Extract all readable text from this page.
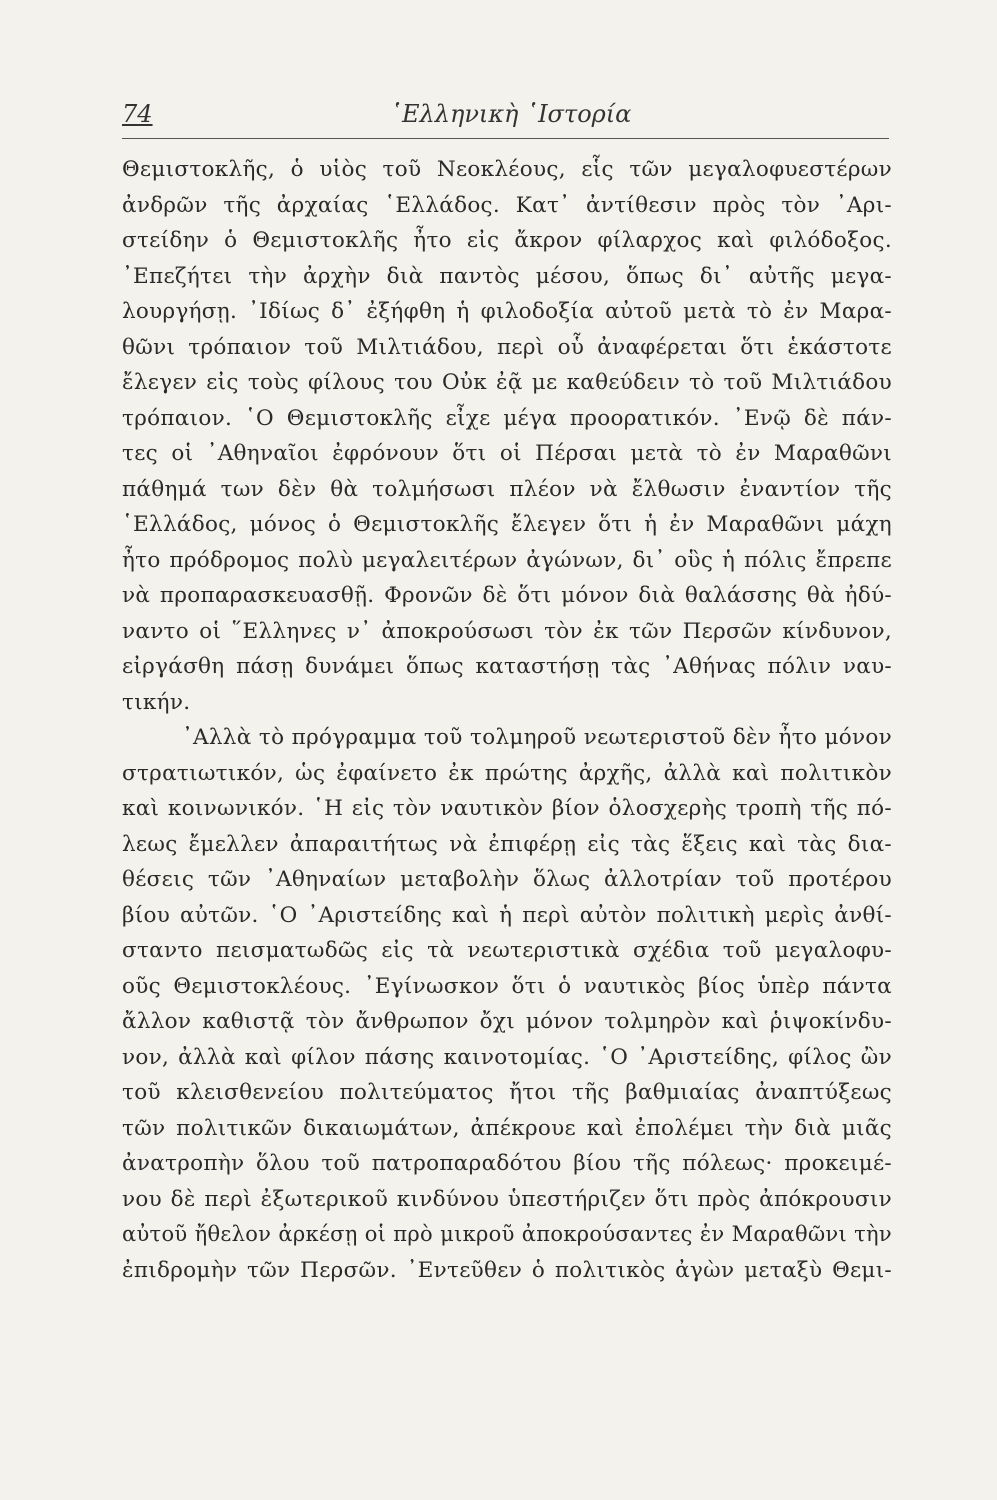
74	῾Ελληνικὴ ῾Ιστορία
Θεμιστοκλῆς, ὁ υἱὸς τοῦ Νεοκλέους, εἷς τῶν μεγαλοφυεστέρων
ἀνδρῶν τῆς ἀρχαίας ῾Ελλάδος. Κατ᾽ ἀντίθεσιν πρὸς τὸν ᾽Αρι-
στείδην ὁ Θεμιστοκλῆς ἦτο εἰς ἄκρον φίλαρχος καὶ φιλόδοξος.
᾽Επεζήτει τὴν ἀρχὴν διὰ παντὸς μέσου, ὅπως δι᾽ αὐτῆς μεγα-
λουργήσῃ. ᾽Ιδίως δ᾽ ἐξήφθη ἡ φιλοδοξία αὐτοῦ μετὰ τὸ ἐν Μαρα-
θῶνι τρόπαιον τοῦ Μιλτιάδου, περὶ οὗ ἀναφέρεται ὅτι ἑκάστοτε
ἔλεγεν εἰς τοὺς φίλους του Οὐκ ἐᾷ με καθεύδειν τὸ τοῦ Μιλτιάδου
τρόπαιον. ῾Ο Θεμιστοκλῆς εἶχε μέγα προορατικόν. ᾽Ενῷ δὲ πάν-
τες οἱ ᾽Αθηναῖοι ἐφρόνουν ὅτι οἱ Πέρσαι μετὰ τὸ ἐν Μαραθῶνι
πάθημά των δὲν θὰ τολμήσωσι πλέον νὰ ἔλθωσιν ἐναντίον τῆς
῾Ελλάδος, μόνος ὁ Θεμιστοκλῆς ἔλεγεν ὅτι ἡ ἐν Μαραθῶνι μάχη
ἦτο πρόδρομος πολὺ μεγαλειτέρων ἀγώνων, δι᾽ οὓς ἡ πόλις ἔπρεπε
νὰ προπαρασκευασθῇ. Φρονῶν δὲ ὅτι μόνον διὰ θαλάσσης θὰ ἠδύ-
ναντο οἱ ῞Ελληνες ν᾽ ἀποκρούσωσι τὸν ἐκ τῶν Περσῶν κίνδυνον,
εἰργάσθη πάσῃ δυνάμει ὅπως καταστήσῃ τὰς ᾽Αθήνας πόλιν ναυ-
τικήν.
᾽Αλλὰ τὸ πρόγραμμα τοῦ τολμηροῦ νεωτεριστοῦ δὲν ἦτο μόνον
στρατιωτικόν, ὡς ἐφαίνετο ἐκ πρώτης ἀρχῆς, ἀλλὰ καὶ πολιτικὸν
καὶ κοινωνικόν. ῾Η εἰς τὸν ναυτικὸν βίον ὁλοσχερὴς τροπὴ τῆς πό-
λεως ἔμελλεν ἀπαραιτήτως νὰ ἐπιφέρῃ εἰς τὰς ἕξεις καὶ τὰς δια-
θέσεις τῶν ᾽Αθηναίων μεταβολὴν ὅλως ἀλλοτρίαν τοῦ προτέρου
βίου αὐτῶν. ῾Ο ᾽Αριστείδης καὶ ἡ περὶ αὐτὸν πολιτικὴ μερὶς ἀνθί-
σταντο πεισματωδῶς εἰς τὰ νεωτεριστικὰ σχέδια τοῦ μεγαλοφυ-
οῦς Θεμιστοκλέους. ᾽Εγίνωσκον ὅτι ὁ ναυτικὸς βίος ὑπὲρ πάντα
ἄλλον καθιστᾷ τὸν ἄνθρωπον ὄχι μόνον τολμηρὸν καὶ ῥιψοκίνδυ-
νον, ἀλλὰ καὶ φίλον πάσης καινοτομίας. ῾Ο ᾽Αριστείδης, φίλος ὢν
τοῦ κλεισθενείου πολιτεύματος ἤτοι τῆς βαθμιαίας ἀναπτύξεως
τῶν πολιτικῶν δικαιωμάτων, ἀπέκρουε καὶ ἐπολέμει τὴν διὰ μιᾶς
ἀνατροπὴν ὅλου τοῦ πατροπαραδότου βίου τῆς πόλεως· προκειμέ-
νου δὲ περὶ ἐξωτερικοῦ κινδύνου ὑπεστήριζεν ὅτι πρὸς ἀπόκρουσιν
αὐτοῦ ἤθελον ἀρκέσῃ οἱ πρὸ μικροῦ ἀποκρούσαντες ἐν Μαραθῶνι τὴν
ἐπιδρομὴν τῶν Περσῶν. ᾽Εντεῦθεν ὁ πολιτικὸς ἀγὼν μεταξὺ Θεμι-
